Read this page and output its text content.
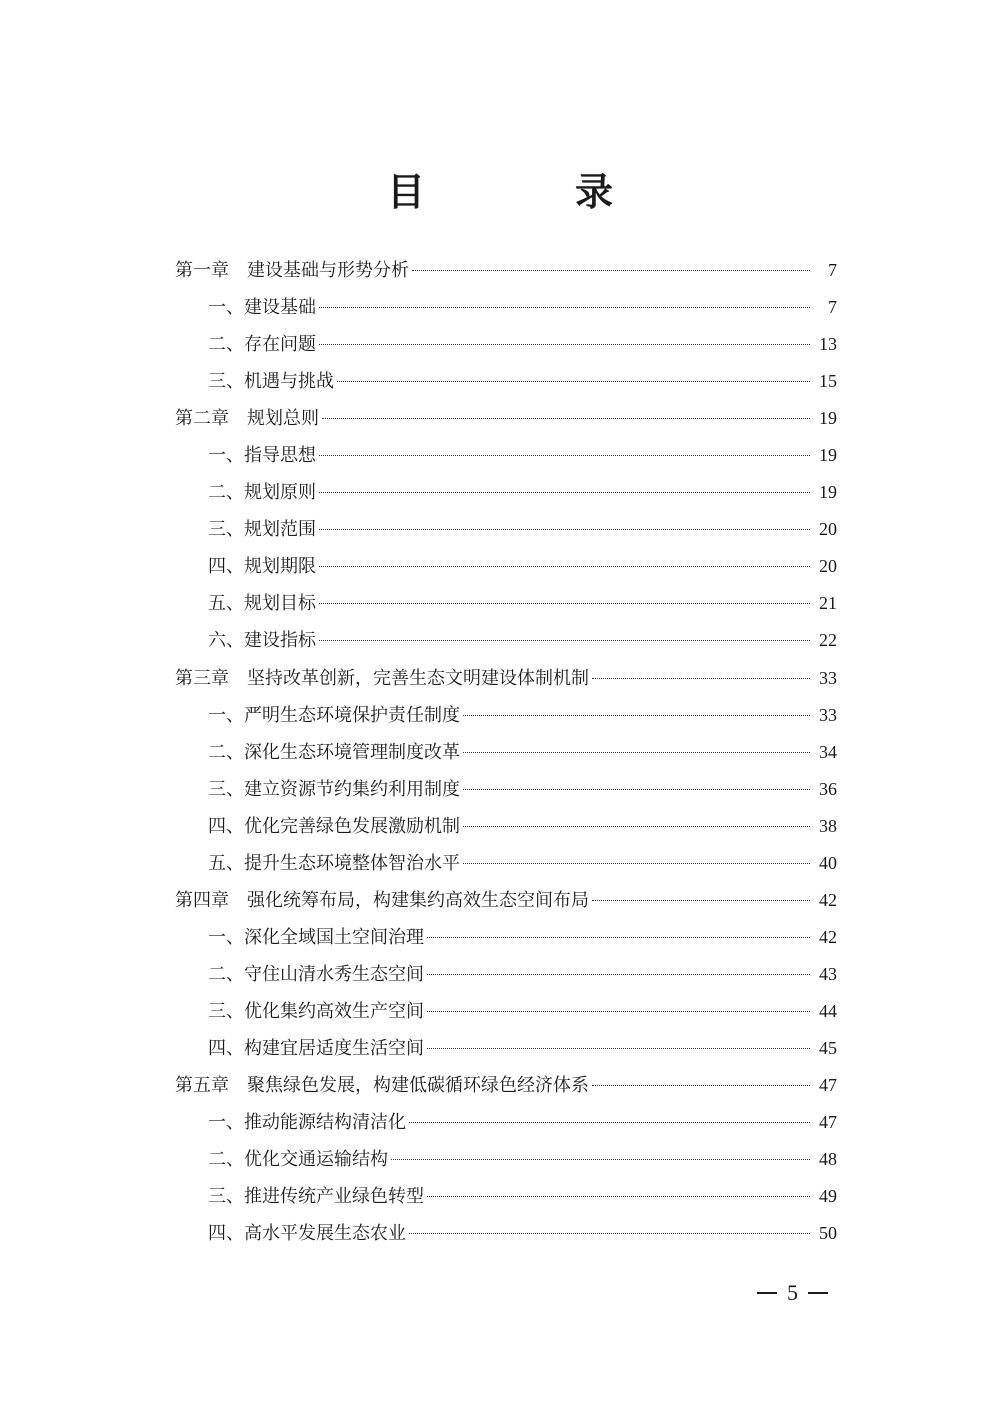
目　录
第一章 建设基础与形势分析	7
一、建设基础	7
二、存在问题	13
三、机遇与挑战	15
第二章 规划总则	19
一、指导思想	19
二、规划原则	19
三、规划范围	20
四、规划期限	20
五、规划目标	21
六、建设指标	22
第三章 坚持改革创新，完善生态文明建设体制机制	33
一、严明生态环境保护责任制度	33
二、深化生态环境管理制度改革	34
三、建立资源节约集约利用制度	36
四、优化完善绿色发展激励机制	38
五、提升生态环境整体智治水平	40
第四章 强化统筹布局，构建集约高效生态空间布局	42
一、深化全域国土空间治理	42
二、守住山清水秀生态空间	43
三、优化集约高效生产空间	44
四、构建宜居适度生活空间	45
第五章 聚焦绿色发展，构建低碳循环绿色经济体系	47
一、推动能源结构清洁化	47
二、优化交通运输结构	48
三、推进传统产业绿色转型	49
四、高水平发展生态农业	50
5
